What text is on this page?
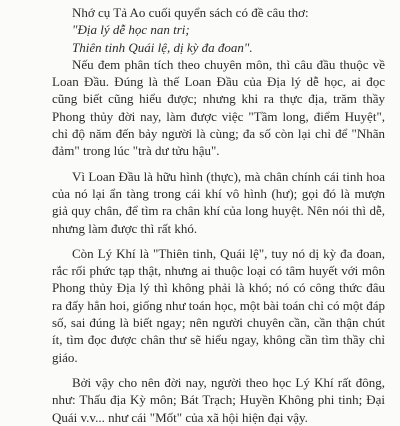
Nhớ cụ Tả Ao cuối quyển sách có đề câu thơ:

"Địa lý dễ học nan tri;

Thiên tinh Quái lệ, dị kỳ đa đoan".

Nếu đem phân tích theo chuyên môn, thì câu đầu thuộc về Loan Đầu. Đúng là thế Loan Đầu của Địa lý dễ học, ai đọc cũng biết cũng hiểu được; nhưng khi ra thực địa, trăm thầy Phong thủy đời nay, làm được việc "Tầm long, điểm Huyệt", chỉ độ năm đến bảy người là cùng; đa số còn lại chỉ để "Nhãn đảm" trong lúc "trà dư tửu hậu".

Vì Loan Đầu là hữu hình (thực), mà chân chính cái tinh hoa của nó lại ẩn tàng trong cái khí vô hình (hư); gọi đó là mượn giả quy chân, để tìm ra chân khí của long huyệt. Nên nói thì dễ, nhưng làm được thì rất khó.

Còn Lý Khí là "Thiên tinh, Quái lệ", tuy nó dị kỳ đa đoan, rắc rối phức tạp thật, nhưng ai thuộc loại có tâm huyết với môn Phong thủy Địa lý thì không phải là khó; nó có công thức đâu ra đấy hẳn hoi, giống như toán học, một bài toán chỉ có một đáp số, sai đúng là biết ngay; nên người chuyên cần, cần thận chút ít, tìm đọc được chân thư sẽ hiểu ngay, không cần tìm thầy chỉ giáo.

Bởi vậy cho nên đời nay, người theo học Lý Khí rất đông, như: Thấu địa Kỳ môn; Bát Trạch; Huyền Không phi tinh; Đại Quái v.v... như cái "Mốt" của xã hội hiện đại vậy.
